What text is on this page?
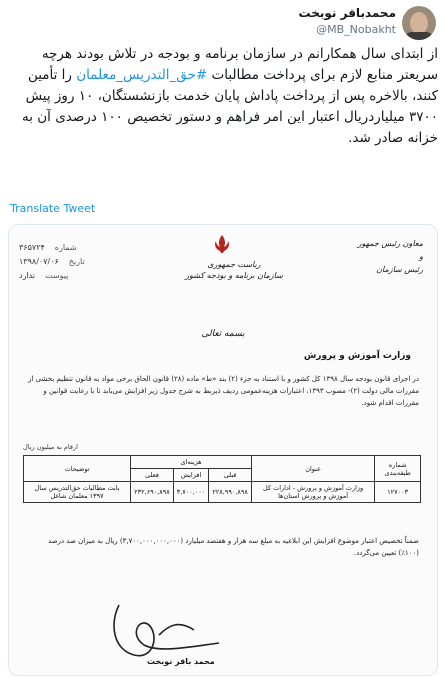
محمدباقر نوبخت
@MB_Nobakht
از ابتدای سال همکارانم در سازمان برنامه و بودجه در تلاش بودند هرچه سریعتر منابع لازم برای پرداخت مطالبات #حق_التدریس_معلمان را تأمین کنند، بالاخره پس از پرداخت پاداش پایان خدمت بازنشستگان، ۱۰ روز پیش ۳۷۰۰ میلیاردریال اعتبار این امر فراهم و دستور تخصیص ۱۰۰ درصدی آن به خزانه صادر شد.
Translate Tweet
۳۶۵۷۲۴ شماره
۱۳۹۸/۰۷/۰۶ تاریخ
ندارد پیوست
ریاست جمهوری
سازمان برنامه و بودجه کشور
معاون رئیس جمهور
و
رئیس سازمان
بسمه تعالی
وزارت آموزش و پرورش
در اجرای قانون بودجه سال ۱۳۹۸ کل کشور و با استناد به جزء (۲) بند «ط» ماده (۲۸) قانون الحاق برخی مواد به قانون تنظیم بخشی از مقررات مالی دولت (۲)- مصوب ۱۳۹۳، اعتبارات هزینه‌عمومی ردیف ذیربط به شرح جدول زیر افزایش می‌یابد تا با رعایت قوانین و مقررات اقدام شود.
ارقام به میلیون ریال
شماره طبقه‌بندی	عنوان	هزینه‌ای			توضیحات
		قبلی	افزایش	فعلی	
۱۲۷۰۰۳	وزارت آموزش و پرورش - ادارات کل آموزش و پرورش استان‌ها	۲۲۸,۹۹۰,۸۹۸	۳,۷۰۰,۰۰۰	۲۳۲,۶۹۰,۸۹۸	بابت مطالبات حق‌التدریس سال ۱۳۹۷ معلمان شاغل
ضمناً تخصیص اعتبار موضوع افزایش این ابلاغیه به مبلغ سه هزار و هفتصد میلیارد (۳,۷۰۰,۰۰۰,۰۰۰,۰۰۰) ریال به میزان صد درصد (۱۰۰٪) تعیین می‌گردد.
محمد باقر نوبخت
